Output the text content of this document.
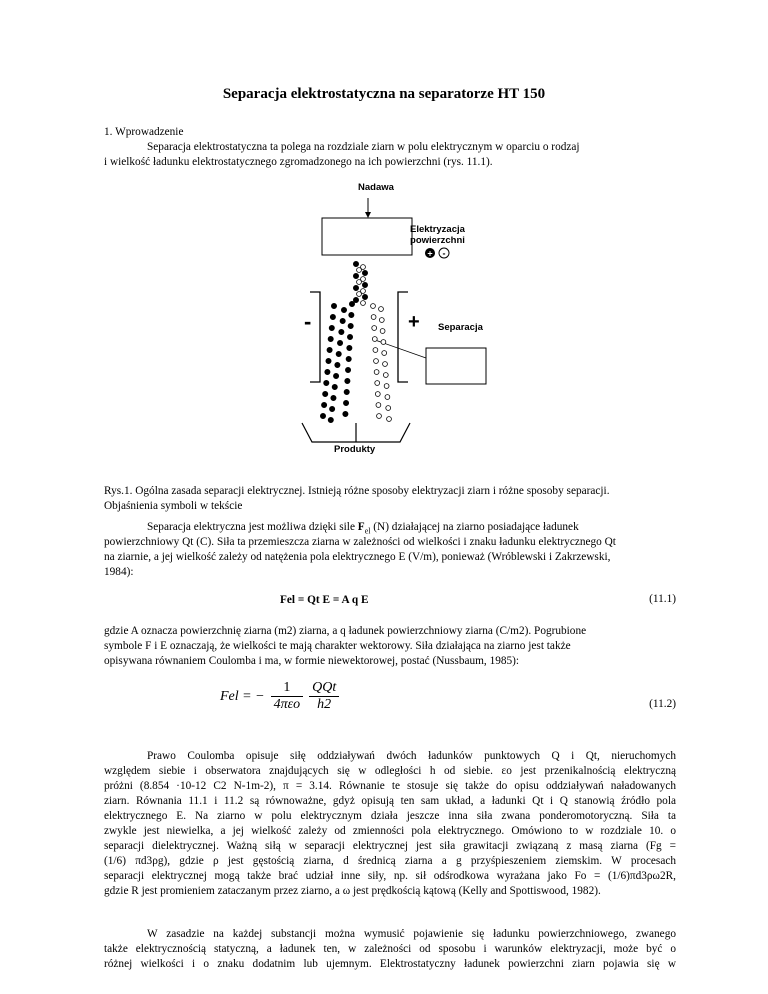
Separacja elektrostatyczna na separatorze HT 150
1. Wprowadzenie
Separacja elektrostatyczna ta polega na rozdziale ziarn w polu elektrycznym w oparciu o rodzaj
i wielkość ładunku elektrostatycznego zgromadzonego na ich powierzchni (rys. 11.1).
Nadawa
Elektryzacja
powierzchni
Separacja
Produkty
-	+
+ -
Rys.1. Ogólna zasada separacji elektrycznej. Istnieją różne sposoby elektryzacji ziarn i różne sposoby separacji.
Objaśnienia symboli w tekście
Separacja elektryczna jest możliwa dzięki sile $F_{el}$ (N) działającej na ziarno posiadające ładunek
powierzchniowy Qt (C). Siła ta przemieszcza ziarna w zależności od wielkości i znaku ładunku elektrycznego Qt
na ziarnie, a jej wielkość zależy od natężenia pola elektrycznego E (V/m), ponieważ (Wróblewski i Zakrzewski,
1984):
Fel = Qt E = A q E	(11.1)
gdzie A oznacza powierzchnię ziarna (m2) ziarna, a q ładunek powierzchniowy ziarna (C/m2). Pogrubione
symbole F i E oznaczają, że wielkości te mają charakter wektorowy. Siła działająca na ziarno jest także
opisywana równaniem Coulomba i ma, w formie niewektorowej, postać (Nussbaum, 1985):
Fel = − $\frac{1}{\text{4πεo}} \frac{\text{QQt}}{h2}$	(11.2)
Prawo Coulomba opisuje siłę oddziaływań dwóch ładunków punktowych Q i Qt, nieruchomych
względem siebie i obserwatora znajdujących się w odległości h od siebie. εo jest przenikalnością elektryczną
próżni (8.854 ·10-12 C2 N-1m-2), π = 3.14. Równanie te stosuje się także do opisu oddziaływań naładowanych
ziarn. Równania 11.1 i 11.2 są równoważne, gdyż opisują ten sam układ, a ładunki Qt i Q stanowią źródło pola
elektrycznego E. Na ziarno w polu elektrycznym działa jeszcze inna siła zwana ponderomotoryczną. Siła ta
zwykle jest niewielka, a jej wielkość zależy od zmienności pola elektrycznego. Omówiono to w rozdziale 10. o
separacji dielektrycznej. Ważną siłą w separacji elektrycznej jest siła grawitacji związaną z masą ziarna (Fg =
(1/6) πd3ρg), gdzie ρ jest gęstością ziarna, d średnicą ziarna a g przyśpieszeniem ziemskim. W procesach
separacji elektrycznej mogą także brać udział inne siły, np. sił odśrodkowa wyrażana jako Fo = (1/6)πd3ρω2R,
gdzie R jest promieniem zataczanym przez ziarno, a ω jest prędkością kątową (Kelly and Spottiswood, 1982).
W zasadzie na każdej substancji można wymusić pojawienie się ładunku powierzchniowego, zwanego
także elektrycznością statyczną, a ładunek ten, w zależności od sposobu i warunków elektryzacji, może być o
różnej wielkości i o znaku dodatnim lub ujemnym. Elektrostatyczny ładunek powierzchni ziarn pojawia się w
